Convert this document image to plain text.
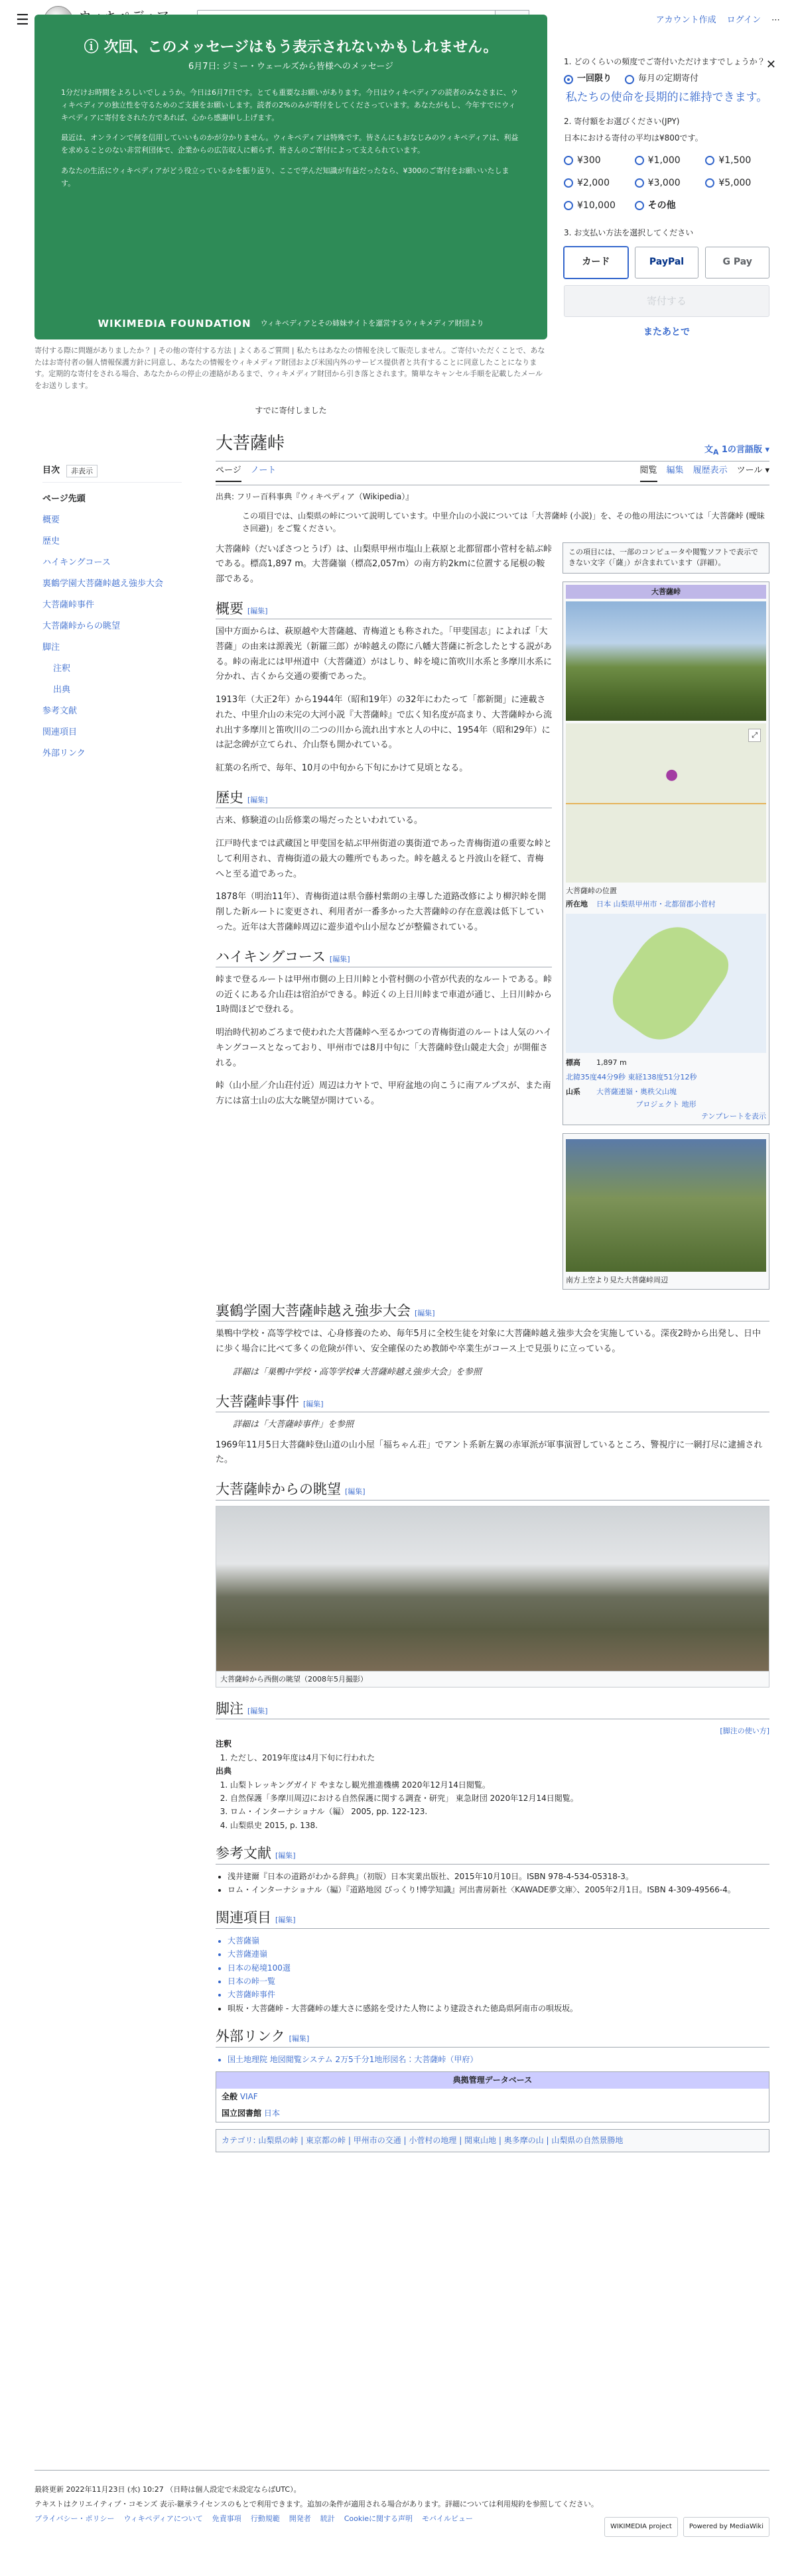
☰	アカウント作成 ログイン ⋯
ⓘ 次回、このメッセージはもう表示されないかもしれません。
6月7日: ジミー・ウェールズから皆様へのメッセージ

1分だけお時間をよろしいでしょうか。今日は6月7日です。とても重要なお願いがあります。今日はウィキペディアの読者のみなさまに、ウィキペディアの独立性を守るためのご支援をお願いします。読者の2%のみが寄付をしてくださっています。あなたがもし、今年すでにウィキペディアに寄付をされた方であれば、心から感謝申し上げます。

最近は、オンラインで何を信用していいものかが分かりません。ウィキペディアは特殊です。皆さんにもおなじみのウィキペディアは、利益を求めることのない非営利団体で、企業からの広告収入に頼らず、皆さんのご寄付によって支えられています。

あなたの生活にウィキペディアがどう役立っているかを振り返り、ここで学んだ知識が有益だったなら、¥300のご寄付をお願いいたします。

WIKIMEDIA FOUNDATION ウィキペディアとその姉妹サイトを運営するウィキメディア財団より
寄付する際に問題がありましたか？ | その他の寄付する方法 | よくあるご質問 | 私たちはあなたの情報を決して販売しません。ご寄付いただくことで、あなたはお寄付者の個人情報保護方針に同意し、あなたの情報をウィキメディア財団および米国内外のサービス提供者と共有することに同意したことになります。定期的な寄付をされる場合、あなたからの停止の連絡があるまで、ウィキメディア財団から引き落とされます。簡単なキャンセル手順を記載したメールをお送りします。
すでに寄付しました
✕
1. どのくらいの頻度でご寄付いただけますでしょうか？
一回限り	毎月の定期寄付
私たちの使命を長期的に維持できます。
2. 寄付額をお選びください(JPY)
日本における寄付の平均は¥800です。
¥300	¥1,000	¥1,500
¥2,000	¥3,000	¥5,000
¥10,000	その他
3. お支払い方法を選択してください
カード	PayPal	G Pay
寄付する
またあとで
目次	非表示
ページ先頭
概要
歴史
ハイキングコース
裏鶴学園大菩薩峠越え強歩大会
大菩薩峠事件
大菩薩峠からの眺望
脚注
注釈
出典
参考文献
関連項目
外部リンク
大菩薩峠	文$_A$ 1の言語版 ▾
ページ ノート	閲覧 編集 履歴表示 ツール ▾
出典: フリー百科事典『ウィキペディア（Wikipedia）』
この項目では、山梨県の峠について説明しています。中里介山の小説については「大菩薩峠 (小説)」を、その他の用法については「大菩薩峠 (曖昧さ回避)」をご覧ください。

大菩薩峠（だいぼさつとうげ）は、山梨県甲州市塩山上萩原と北都留郡小菅村を結ぶ峠である。標高1,897 m。大菩薩嶺（標高2,057m）の南方約2kmに位置する尾根の鞍部である。

概要 [編集]

国中方面からは、萩原越や大菩薩越、青梅道とも称された。「甲斐国志」によれば「大菩薩」の由来は源義光（新羅三郎）が峠越えの際に八幡大菩薩に祈念したとする説がある。峠の南北には甲州道中（大菩薩道）がはしり、峠を境に笛吹川水系と多摩川水系に分かれ、古くから交通の要衝であった。

1913年（大正2年）から1944年（昭和19年）の32年にわたって「都新聞」に連載された、中里介山の未完の大河小説『大菩薩峠』で広く知名度が高まり、大菩薩峠から流れ出す多摩川と笛吹川の二つの川から流れ出す水と人の中に、1954年（昭和29年）には記念碑が立てられ、介山祭も開かれている。

紅葉の名所で、毎年、10月の中旬から下旬にかけて見頃となる。

歴史 [編集]

古来、修験道の山岳修業の場だったといわれている。

江戸時代までは武蔵国と甲斐国を結ぶ甲州街道の裏街道であった青梅街道の重要な峠として利用され、青梅街道の最大の難所でもあった。峠を越えると丹波山を経て、青梅へと至る道であった。

1878年（明治11年）、青梅街道は県令藤村紫朗の主導した道路改修により柳沢峠を開削した新ルートに変更され、利用者が一番多かった大菩薩峠の存在意義は低下していった。近年は大菩薩峠周辺に遊歩道や山小屋などが整備されている。

ハイキングコース [編集]

峠まで登るルートは甲州市側の上日川峠と小菅村側の小菅が代表的なルートである。峠の近くにある介山荘は宿泊ができる。峠近くの上日川峠まで車道が通じ、上日川峠から1時間ほどで登れる。

明治時代初めごろまで使われた大菩薩峠へ至るかつての青梅街道のルートは人気のハイキングコースとなっており、甲州市では8月中旬に「大菩薩峠登山競走大会」が開催される。

峠（山小屋／介山荘付近）周辺は力ヤトで、甲府盆地の向こうに南アルプスが、また南方には富士山の広大な眺望が開けている。

この項目には、一部のコンピュータや閲覧ソフトで表示できない文字（「薩」）が含まれています（詳細）。
大菩薩峠
●
⤢
大菩薩峠の位置
所在地	日本 山梨県甲州市・北都留郡小菅村
標高	1,897 m
北緯35度44分9秒 東経138度51分12秒
山系	大菩薩連嶺・奥秩父山塊
プロジェクト 地形
テンプレートを表示
南方上空より見た大菩薩峠周辺
裏鶴学園大菩薩峠越え強歩大会 [編集]

巣鴨中学校・高等学校では、心身修養のため、毎年5月に全校生徒を対象に大菩薩峠越え強歩大会を実施している。深夜2時から出発し、日中に歩く場合に比べて多くの危険が伴い、安全確保のため教師や卒業生がコース上で見張りに立っている。

詳細は「巣鴨中学校・高等学校#大菩薩峠越え強歩大会」を参照
大菩薩峠事件 [編集]
詳細は「大菩薩峠事件」を参照

1969年11月5日大菩薩峠登山道の山小屋「福ちゃん荘」でアント系新左翼の赤軍派が軍事演習しているところ、警視庁に一網打尽に逮捕された。

大菩薩峠からの眺望 [編集]
大菩薩峠から西側の眺望（2008年5月撮影）
脚注 [編集]
[脚注の使い方]
注釈
1. ただし、2019年度は4月下旬に行われた
出典
1. 山梨トレッキングガイド やまなし観光推進機構 2020年12月14日閲覧。
2. 自然保護「多摩川周辺における自然保護に関する調査・研究」 東急財団 2020年12月14日閲覧。
3. ロム・インターナショナル（編） 2005, pp. 122-123.
4. 山梨県史 2015, p. 138.
参考文献 [編集]
• 浅井建爾『日本の道路がわかる辞典』（初版）日本実業出版社、2015年10月10日。ISBN 978-4-534-05318-3。
• ロム・インターナショナル（編）『道路地図 びっくり!博学知識』河出書房新社〈KAWADE夢文庫〉、2005年2月1日。ISBN 4-309-49566-4。
関連項目 [編集]
• 大菩薩嶺
• 大菩薩連嶺
• 日本の秘境100選
• 日本の峠一覧
• 大菩薩峠事件
• 唄坂・大菩薩峠 - 大菩薩峠の雄大さに感銘を受けた人物により建設された徳島県阿南市の唄坂坂。
外部リンク [編集]
• 国土地理院 地図閲覧システム 2万5千分1地形図名：大菩薩峠（甲府）
典拠管理データベース
全般 VIAF
国立図書館 日本
カテゴリ: 山梨県の峠 | 東京都の峠 | 甲州市の交通 | 小菅村の地理 | 関東山地 | 奥多摩の山 | 山梨県の自然景勝地
最終更新 2022年11月23日 (水) 10:27 （日時は個人設定で未設定ならばUTC）。
テキストはクリエイティブ・コモンズ 表示-継承ライセンスのもとで利用できます。追加の条件が適用される場合があります。詳細については利用規約を参照してください。
プライバシー・ポリシー ウィキペディアについて 免責事項 行動規範 開発者 統計 Cookieに関する声明 モバイルビュー
WIKIMEDIA project	Powered by MediaWiki
